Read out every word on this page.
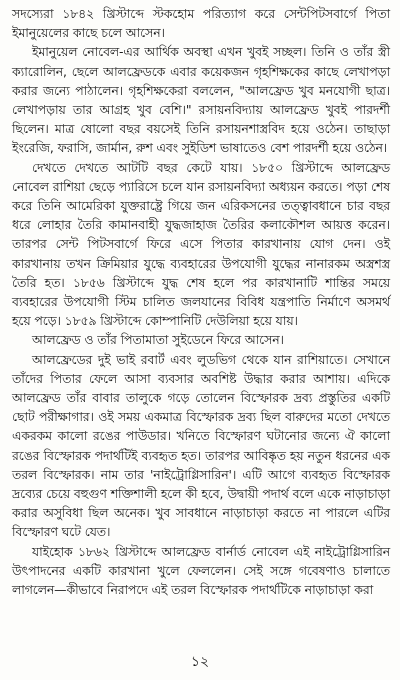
সদস্যেরা ১৮৪২ খ্রিস্টাব্দে স্টকহোম পরিত্যাগ করে সেন্টপিটসবার্গে পিতা ইমানুয়েলের কাছে চলে আসেন।

ইমানুয়েল নোবেল-এর আর্থিক অবস্থা এখন খুবই সচ্ছল। তিনি ও তাঁর স্ত্রী ক্যারোলিন, ছেলে আলফ্রেডকে এবার কয়েকজন গৃহশিক্ষকের কাছে লেখাপড়া করার জন্যে পাঠালেন। গৃহশিক্ষকেরা বললেন, "আলফ্রেড খুব মনযোগী ছাত্র। লেখাপড়ায় তার আগ্রহ খুব বেশি।" রসায়নবিদ্যায় আলফ্রেড খুবই পারদর্শী ছিলেন। মাত্র ষোলো বছর বয়সেই তিনি রসায়নশাস্ত্রবিদ হয়ে ওঠেন। তাছাড়া ইংরেজি, ফরাসি, জার্মান, রুশ এবং সুইডিশ ভাষাতেও বেশ পারদর্শী হয়ে ওঠেন।

দেখতে দেখতে আটটি বছর কেটে যায়। ১৮৫০ খ্রিস্টাব্দে আলফ্রেড নোবেল রাশিয়া ছেড়ে প্যারিসে চলে যান রসায়নবিদ্যা অধ্যয়ন করতে। পড়া শেষ করে তিনি আমেরিকা যুক্তরাষ্ট্রে গিয়ে জন এরিকসনের তত্ত্বাবধানে চার বছর ধরে লোহার তৈরি কামানবাহী যুদ্ধজাহাজ তৈরির কলাকৌশল আয়ত্ত করেন। তারপর সেন্ট পিটসবার্গে ফিরে এসে পিতার কারখানায় যোগ দেন। ওই কারখানায় তখন ক্রিমিয়ার যুদ্ধে ব্যবহারের উপযোগী যুদ্ধের নানারকম অস্ত্রশস্ত্র তৈরি হত। ১৮৫৬ খ্রিস্টাব্দে যুদ্ধ শেষ হলে পর কারখানাটি শান্তির সময়ে ব্যবহারের উপযোগী স্টিম চালিত জলযানের বিবিধ যন্ত্রপাতি নির্মাণে অসমর্থ হয়ে পড়ে। ১৮৫৯ খ্রিস্টাব্দে কোম্পানিটি দেউলিয়া হয়ে যায়।

আলফ্রেড ও তাঁর পিতামাতা সুইডেনে ফিরে আসেন।

আলফ্রেডের দুই ভাই রবার্ট এবং লুডভিগ থেকে যান রাশিয়াতে। সেখানে তাঁদের পিতার ফেলে আসা ব্যবসার অবশিষ্ট উদ্ধার করার আশায়। এদিকে আলফ্রেড তাঁর বাবার তালুকে গড়ে তোলেন বিস্ফোরক দ্রব্য প্রস্তুতির একটি ছোট পরীক্ষাগার। ওই সময় একমাত্র বিস্ফোরক দ্রব্য ছিল বারুদের মতো দেখতে একরকম কালো রঙের পাউডার। খনিতে বিস্ফোরণ ঘটানোর জন্যে ঐ কালো রঙের বিস্ফোরক পদার্থটিই ব্যবহৃত হত। তারপর আবিষ্কৃত হয় নতুন ধরনের এক তরল বিস্ফোরক। নাম তার 'নাইট্রোগ্লিসারিন'। এটি আগে ব্যবহৃত বিস্ফোরক দ্রব্যের চেয়ে বহুগুণ শক্তিশালী হলে কী হবে, উদ্বায়ী পদার্থ বলে একে নাড়াচাড়া করার অসুবিধা ছিল অনেক। খুব সাবধানে নাড়াচাড়া করতে না পারলে এটির বিস্ফোরণ ঘটে যেত।

যাইহোক ১৮৬২ খ্রিস্টাব্দে আলফ্রেড বার্নার্ড নোবেল এই নাইট্রোগ্লিসারিন উৎপাদনের একটি কারখানা খুলে ফেললেন। সেই সঙ্গে গবেষণাও চালাতে লাগলেন—কীভাবে নিরাপদে এই তরল বিস্ফোরক পদার্থটিকে নাড়াচাড়া করা

১২
